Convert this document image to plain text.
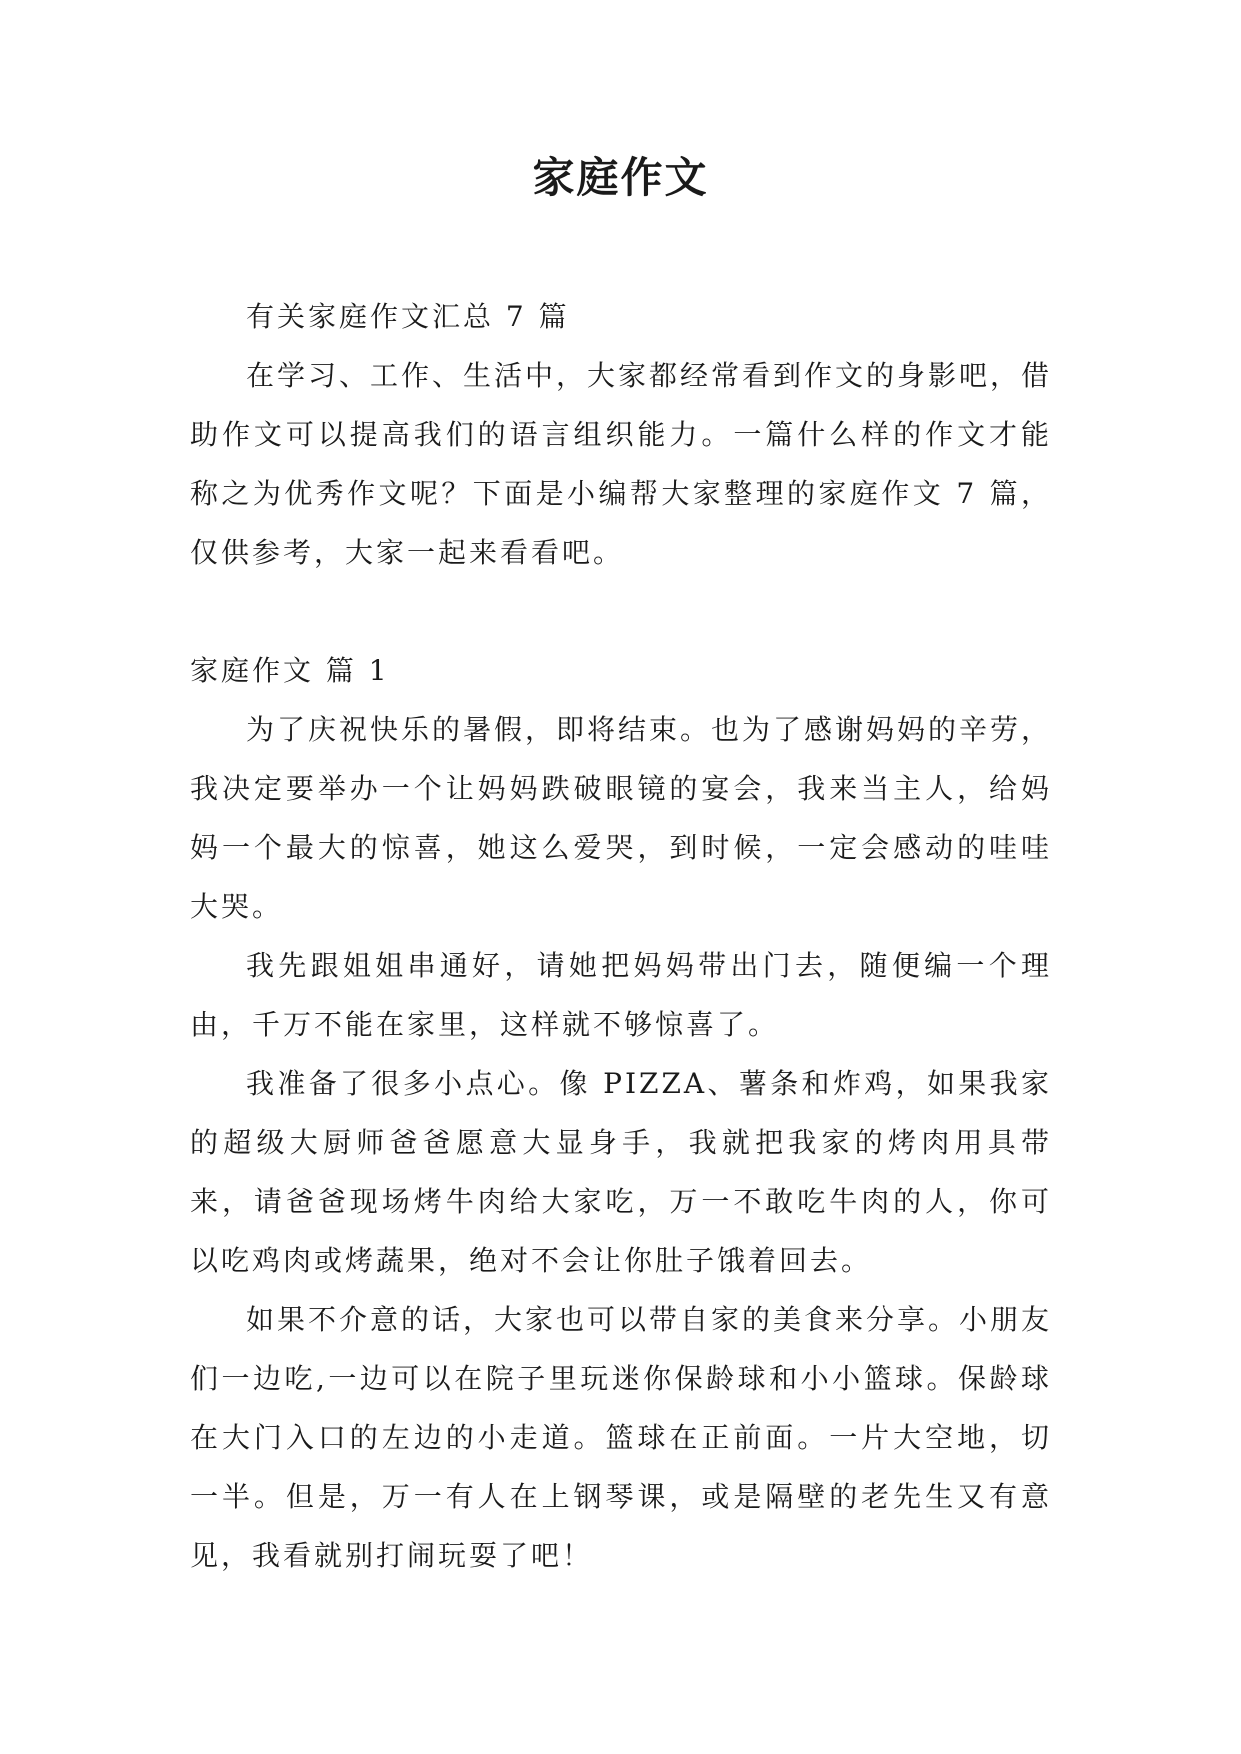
家庭作文

有关家庭作文汇总 7 篇

在学习、工作、生活中，大家都经常看到作文的身影吧，借助作文可以提高我们的语言组织能力。一篇什么样的作文才能称之为优秀作文呢？下面是小编帮大家整理的家庭作文 7 篇，仅供参考，大家一起来看看吧。

家庭作文 篇 1

为了庆祝快乐的暑假，即将结束。也为了感谢妈妈的辛劳，我决定要举办一个让妈妈跌破眼镜的宴会，我来当主人，给妈妈一个最大的惊喜，她这么爱哭，到时候，一定会感动的哇哇大哭。

我先跟姐姐串通好，请她把妈妈带出门去，随便编一个理由，千万不能在家里，这样就不够惊喜了。

我准备了很多小点心。像 PIZZA、薯条和炸鸡，如果我家的超级大厨师爸爸愿意大显身手，我就把我家的烤肉用具带来，请爸爸现场烤牛肉给大家吃，万一不敢吃牛肉的人，你可以吃鸡肉或烤蔬果，绝对不会让你肚子饿着回去。

如果不介意的话，大家也可以带自家的美食来分享。小朋友们一边吃,一边可以在院子里玩迷你保龄球和小小篮球。保龄球在大门入口的左边的小走道。篮球在正前面。一片大空地，切一半。但是，万一有人在上钢琴课，或是隔壁的老先生又有意见，我看就别打闹玩耍了吧！
